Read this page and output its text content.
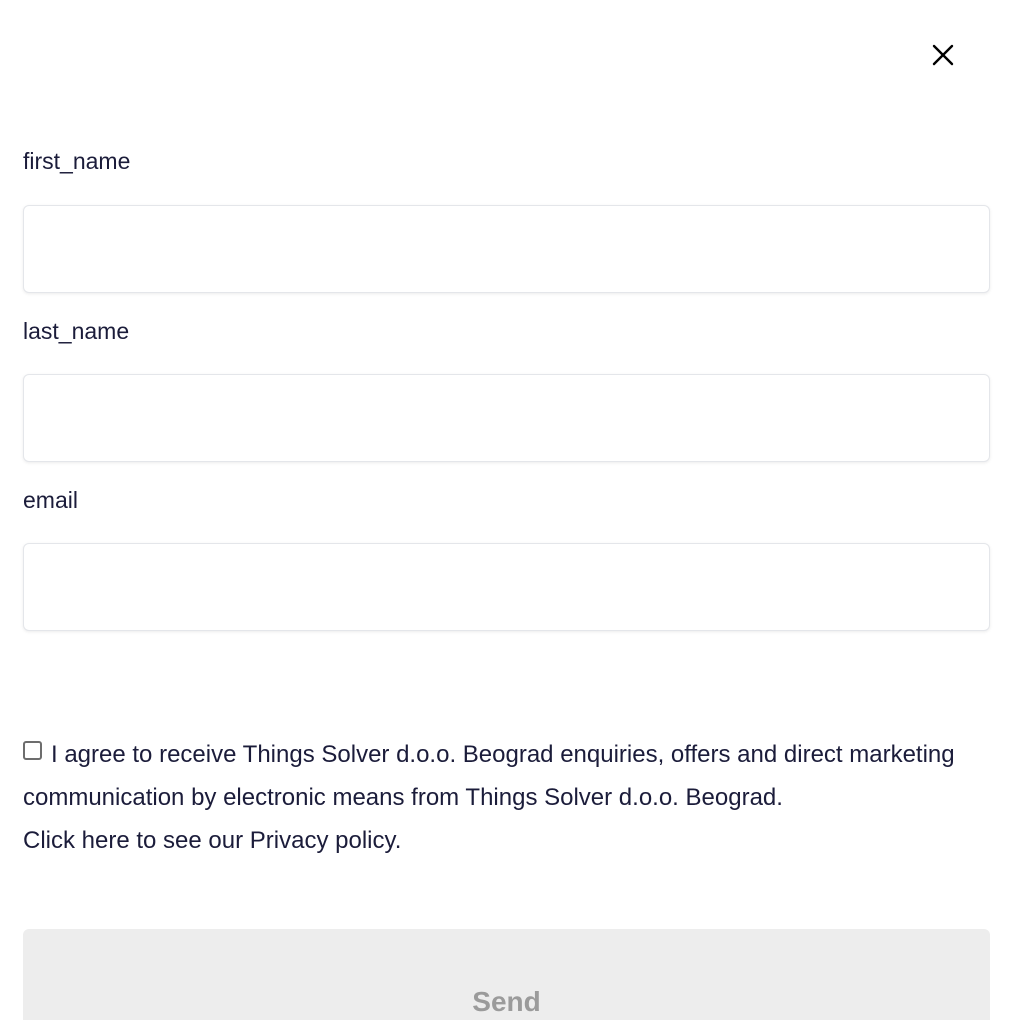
first_name
last_name
email
I agree to receive Things Solver d.o.o. Beograd enquiries, offers and direct marketing communication by electronic means from Things Solver d.o.o. Beograd.
Click here to see our Privacy policy.
Send
